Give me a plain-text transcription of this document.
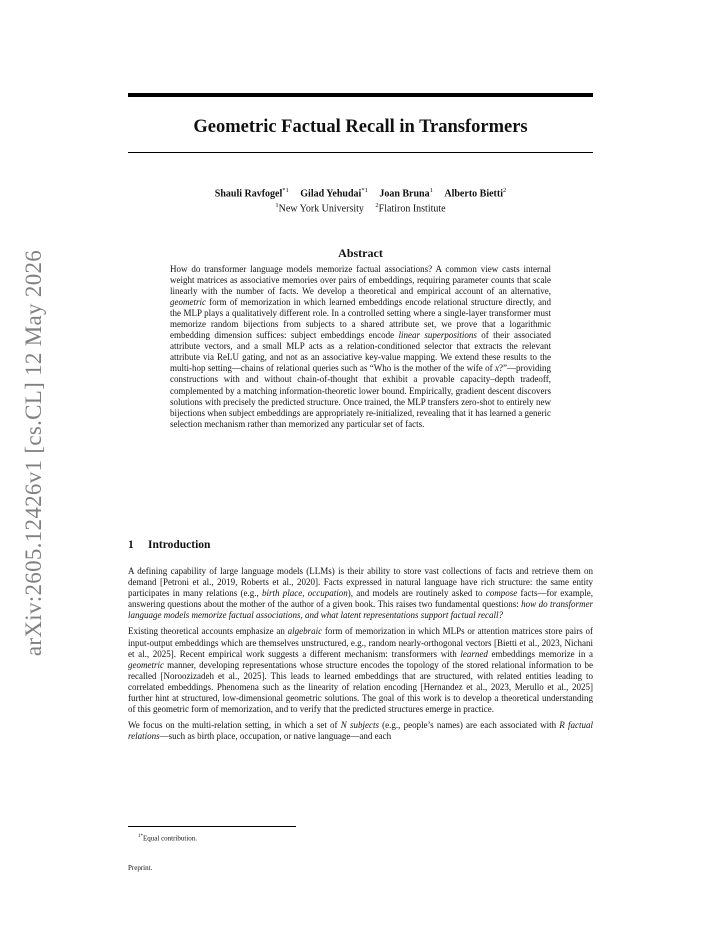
arXiv:2605.12426v1 [cs.CL] 12 May 2026
Geometric Factual Recall in Transformers
Shauli Ravfogel$^{*1}$ Gilad Yehudai$^{*1}$ Joan Bruna$^1$ Alberto Bietti$^2$
$^1$New York University $^2$Flatiron Institute
Abstract
How do transformer language models memorize factual associations? A common view casts internal weight matrices as associative memories over pairs of embeddings, requiring parameter counts that scale linearly with the number of facts. We develop a theoretical and empirical account of an alternative, geometric form of memorization in which learned embeddings encode relational structure directly, and the MLP plays a qualitatively different role. In a controlled setting where a single-layer transformer must memorize random bijections from subjects to a shared attribute set, we prove that a logarithmic embedding dimension suffices: subject embeddings encode linear superpositions of their associated attribute vectors, and a small MLP acts as a relation-conditioned selector that extracts the relevant attribute via ReLU gating, and not as an associative key-value mapping. We extend these results to the multi-hop setting—chains of relational queries such as “Who is the mother of the wife of x?”—providing constructions with and without chain-of-thought that exhibit a provable capacity–depth tradeoff, complemented by a matching information-theoretic lower bound. Empirically, gradient descent discovers solutions with precisely the predicted structure. Once trained, the MLP transfers zero-shot to entirely new bijections when subject embeddings are appropriately re-initialized, revealing that it has learned a generic selection mechanism rather than memorized any particular set of facts.
1 Introduction

A defining capability of large language models (LLMs) is their ability to store vast collections of facts and retrieve them on demand [Petroni et al., 2019, Roberts et al., 2020]. Facts expressed in natural language have rich structure: the same entity participates in many relations (e.g., birth place, occupation), and models are routinely asked to compose facts—for example, answering questions about the mother of the author of a given book. This raises two fundamental questions: how do transformer language models memorize factual associations, and what latent representations support factual recall?

Existing theoretical accounts emphasize an algebraic form of memorization in which MLPs or attention matrices store pairs of input-output embeddings which are themselves unstructured, e.g., random nearly-orthogonal vectors [Bietti et al., 2023, Nichani et al., 2025]. Recent empirical work suggests a different mechanism: transformers with learned embeddings memorize in a geometric manner, developing representations whose structure encodes the topology of the stored relational information to be recalled [Noroozizadeh et al., 2025]. This leads to learned embeddings that are structured, with related entities leading to correlated embeddings. Phenomena such as the linearity of relation encoding [Hernandez et al., 2023, Merullo et al., 2025] further hint at structured, low-dimensional geometric solutions. The goal of this work is to develop a theoretical understanding of this geometric form of memorization, and to verify that the predicted structures emerge in practice.

We focus on the multi-relation setting, in which a set of N subjects (e.g., people’s names) are each associated with R factual relations—such as birth place, occupation, or native language—and each

$^{1*}$Equal contribution.
Preprint.
